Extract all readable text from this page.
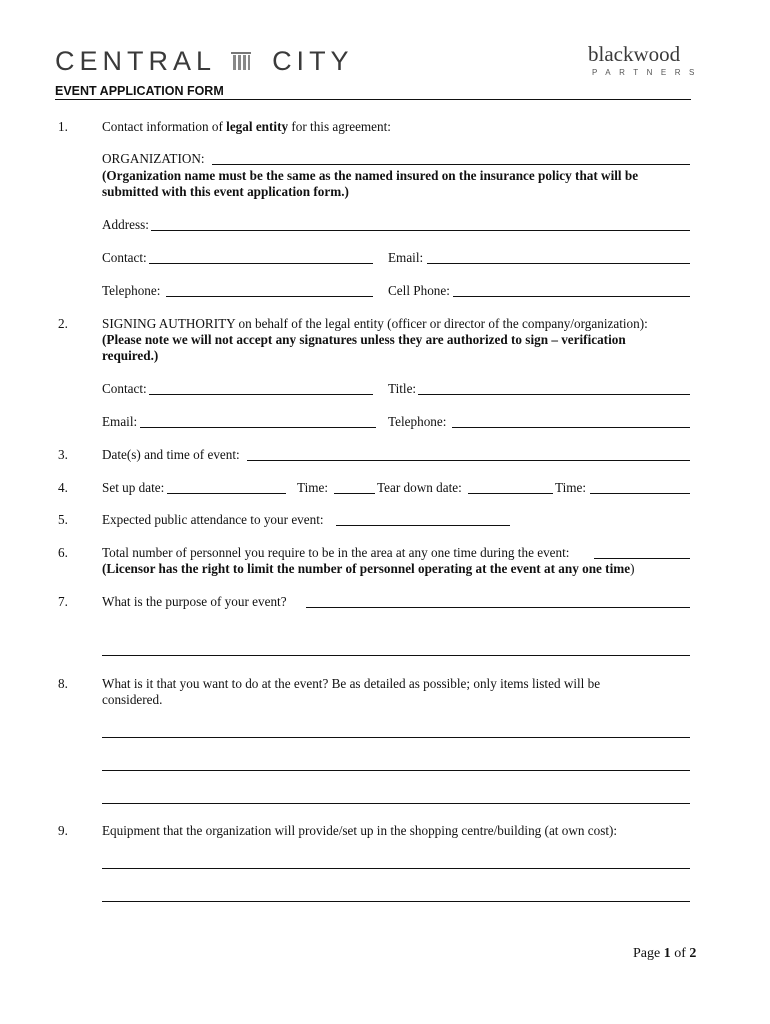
CENTRAL CITY	blackwood
PARTNERS
EVENT APPLICATION FORM
1.	Contact information of legal entity for this agreement:
ORGANIZATION:
(Organization name must be the same as the named insured on the insurance policy that will be
submitted with this event application form.)
Address:
Contact:	Email:
Telephone:	Cell Phone:
2.	SIGNING AUTHORITY on behalf of the legal entity (officer or director of the company/organization):
(Please note we will not accept any signatures unless they are authorized to sign – verification
required.)
Contact:	Title:
Email:	Telephone:
3.	Date(s) and time of event:
4.	Set up date:	Time:	Tear down date:	Time:
5.	Expected public attendance to your event:
6.	Total number of personnel you require to be in the area at any one time during the event:
(Licensor has the right to limit the number of personnel operating at the event at any one time)
7.	What is the purpose of your event?
8.	What is it that you want to do at the event? Be as detailed as possible; only items listed will be
considered.
9.	Equipment that the organization will provide/set up in the shopping centre/building (at own cost):
Page 1 of 2
